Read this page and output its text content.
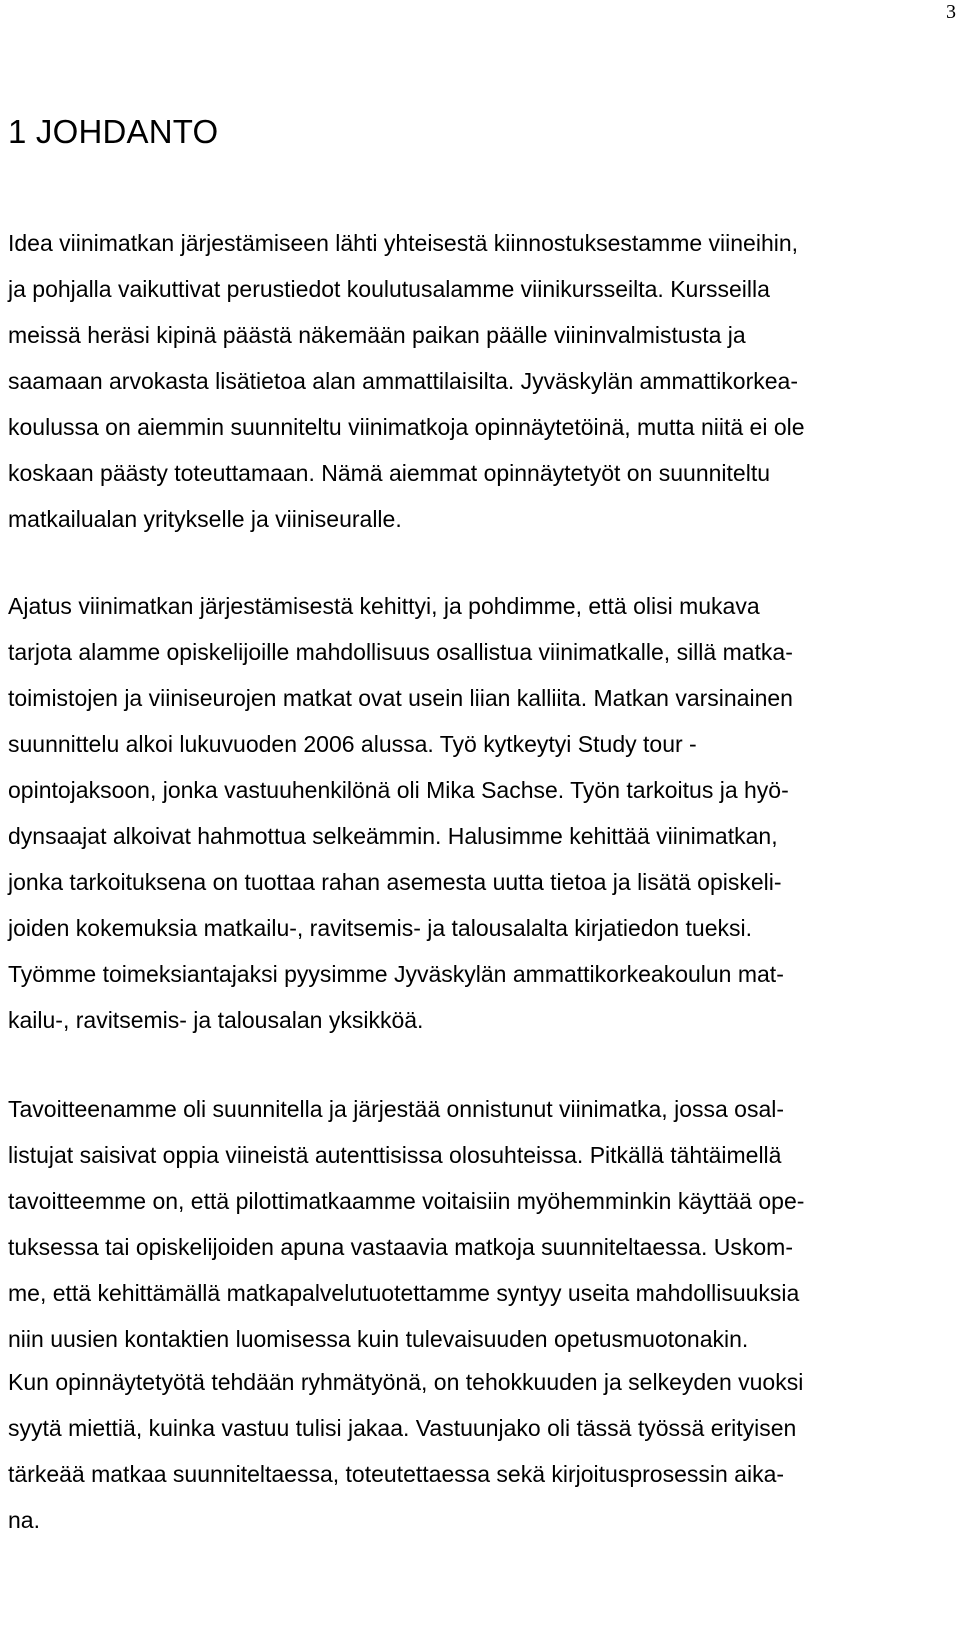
3
1 JOHDANTO
Idea viinimatkan järjestämiseen lähti yhteisestä kiinnostuksestamme viineihin,
ja pohjalla vaikuttivat perustiedot koulutusalamme viinikursseilta. Kursseilla
meissä heräsi kipinä päästä näkemään paikan päälle viininvalmistusta ja
saamaan arvokasta lisätietoa alan ammattilaisilta. Jyväskylän ammattikorkea-
koulussa on aiemmin suunniteltu viinimatkoja opinnäytetöinä, mutta niitä ei ole
koskaan päästy toteuttamaan. Nämä aiemmat opinnäytetyöt on suunniteltu
matkailualan yritykselle ja viiniseuralle.
Ajatus viinimatkan järjestämisestä kehittyi, ja pohdimme, että olisi mukava
tarjota alamme opiskelijoille mahdollisuus osallistua viinimatkalle, sillä matka-
toimistojen ja viiniseurojen matkat ovat usein liian kalliita. Matkan varsinainen
suunnittelu alkoi lukuvuoden 2006 alussa. Työ kytkeytyi Study tour -
opintojaksoon, jonka vastuuhenkilönä oli Mika Sachse. Työn tarkoitus ja hyö-
dynsaajat alkoivat hahmottua selkeämmin. Halusimme kehittää viinimatkan,
jonka tarkoituksena on tuottaa rahan asemesta uutta tietoa ja lisätä opiskeli-
joiden kokemuksia matkailu-, ravitsemis- ja talousalalta kirjatiedon tueksi.
Työmme toimeksiantajaksi pyysimme Jyväskylän ammattikorkeakoulun mat-
kailu-, ravitsemis- ja talousalan yksikköä.
Tavoitteenamme oli suunnitella ja järjestää onnistunut viinimatka, jossa osal-
listujat saisivat oppia viineistä autenttisissa olosuhteissa. Pitkällä tähtäimellä
tavoitteemme on, että pilottimatkaamme voitaisiin myöhemminkin käyttää ope-
tuksessa tai opiskelijoiden apuna vastaavia matkoja suunniteltaessa. Uskom-
me, että kehittämällä matkapalvelutuotettamme syntyy useita mahdollisuuksia
niin uusien kontaktien luomisessa kuin tulevaisuuden opetusmuotonakin.
Kun opinnäytetyötä tehdään ryhmätyönä, on tehokkuuden ja selkeyden vuoksi
syytä miettiä, kuinka vastuu tulisi jakaa. Vastuunjako oli tässä työssä erityisen
tärkeää matkaa suunniteltaessa, toteutettaessa sekä kirjoitusprosessin aika-
na.
